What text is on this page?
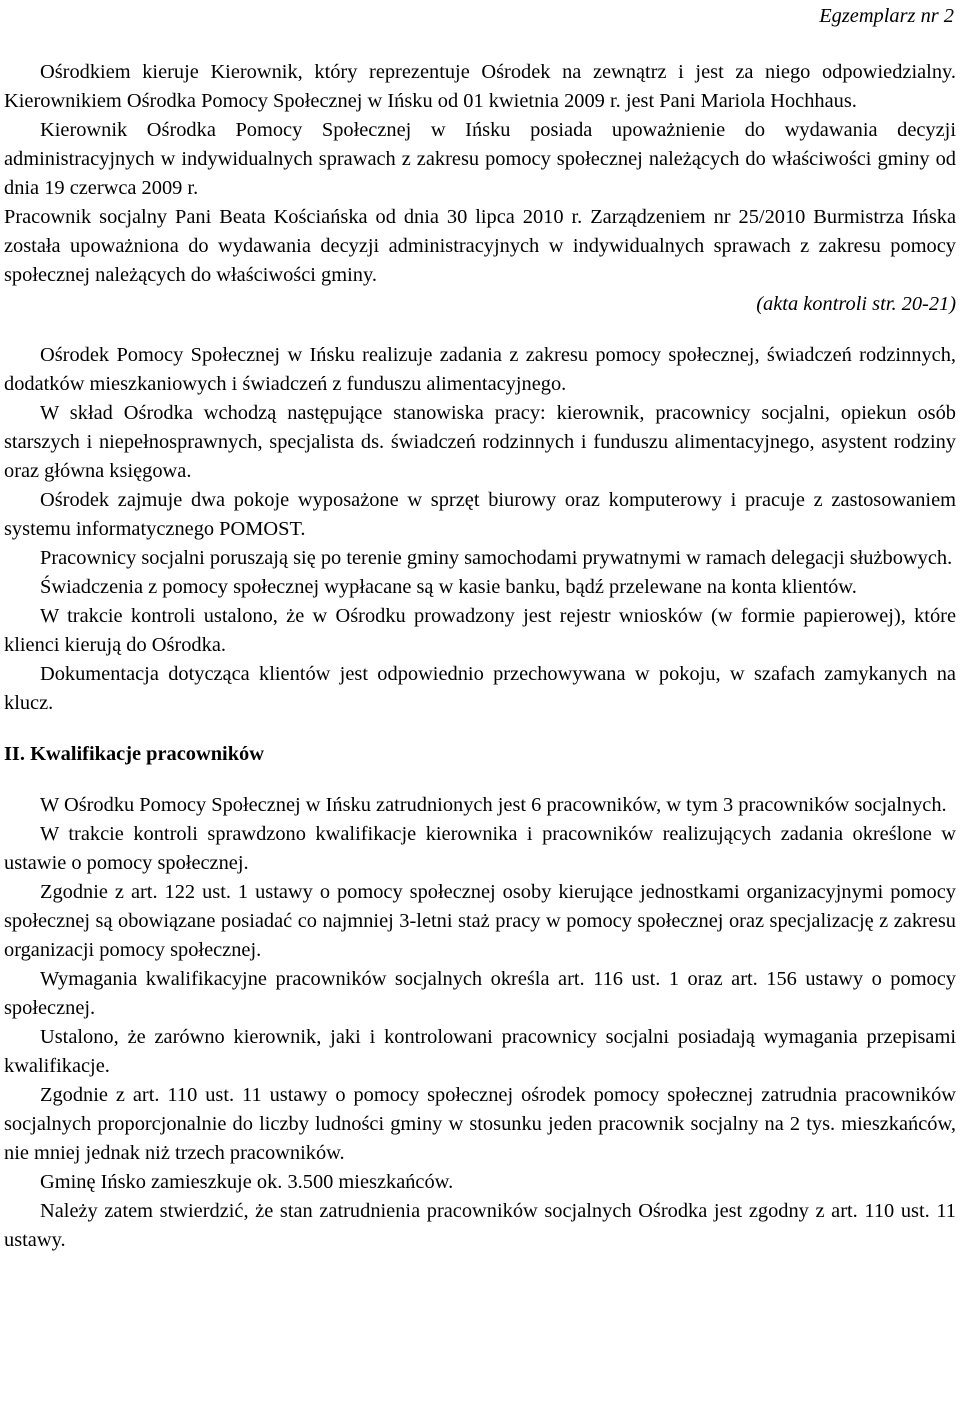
Egzemplarz nr 2

Ośrodkiem kieruje Kierownik, który reprezentuje Ośrodek na zewnątrz i jest za niego odpowiedzialny. Kierownikiem Ośrodka Pomocy Społecznej w Ińsku od 01 kwietnia 2009 r. jest Pani Mariola Hochhaus.

Kierownik Ośrodka Pomocy Społecznej w Ińsku posiada upoważnienie do wydawania decyzji administracyjnych w indywidualnych sprawach z zakresu pomocy społecznej należących do właściwości gminy od dnia 19 czerwca 2009 r.

Pracownik socjalny Pani Beata Kościańska od dnia 30 lipca 2010 r. Zarządzeniem nr 25/2010 Burmistrza Ińska została upoważniona do wydawania decyzji administracyjnych w indywidualnych sprawach z zakresu pomocy społecznej należących do właściwości gminy.

(akta kontroli str. 20-21)

Ośrodek Pomocy Społecznej w Ińsku realizuje zadania z zakresu pomocy społecznej, świadczeń rodzinnych, dodatków mieszkaniowych i świadczeń z funduszu alimentacyjnego.

W skład Ośrodka wchodzą następujące stanowiska pracy: kierownik, pracownicy socjalni, opiekun osób starszych i niepełnosprawnych, specjalista ds. świadczeń rodzinnych i funduszu alimentacyjnego, asystent rodziny oraz główna księgowa.

Ośrodek zajmuje dwa pokoje wyposażone w sprzęt biurowy oraz komputerowy i pracuje z zastosowaniem systemu informatycznego POMOST.

Pracownicy socjalni poruszają się po terenie gminy samochodami prywatnymi w ramach delegacji służbowych.

Świadczenia z pomocy społecznej wypłacane są w kasie banku, bądź przelewane na konta klientów.

W trakcie kontroli ustalono, że w Ośrodku prowadzony jest rejestr wniosków (w formie papierowej), które klienci kierują do Ośrodka.

Dokumentacja dotycząca klientów jest odpowiednio przechowywana w pokoju, w szafach zamykanych na klucz.

II. Kwalifikacje pracowników

W Ośrodku Pomocy Społecznej w Ińsku zatrudnionych jest 6 pracowników, w tym 3 pracowników socjalnych.

W trakcie kontroli sprawdzono kwalifikacje kierownika i pracowników realizujących zadania określone w ustawie o pomocy społecznej.

Zgodnie z art. 122 ust. 1 ustawy o pomocy społecznej osoby kierujące jednostkami organizacyjnymi pomocy społecznej są obowiązane posiadać co najmniej 3-letni staż pracy w pomocy społecznej oraz specjalizację z zakresu organizacji pomocy społecznej.

Wymagania kwalifikacyjne pracowników socjalnych określa art. 116 ust. 1 oraz art. 156 ustawy o pomocy społecznej.

Ustalono, że zarówno kierownik, jaki i kontrolowani pracownicy socjalni posiadają wymagania przepisami kwalifikacje.

Zgodnie z art. 110 ust. 11 ustawy o pomocy społecznej ośrodek pomocy społecznej zatrudnia pracowników socjalnych proporcjonalnie do liczby ludności gminy w stosunku jeden pracownik socjalny na 2 tys. mieszkańców, nie mniej jednak niż trzech pracowników.

Gminę Ińsko zamieszkuje ok. 3.500 mieszkańców.

Należy zatem stwierdzić, że stan zatrudnienia pracowników socjalnych Ośrodka jest zgodny z art. 110 ust. 11 ustawy.
